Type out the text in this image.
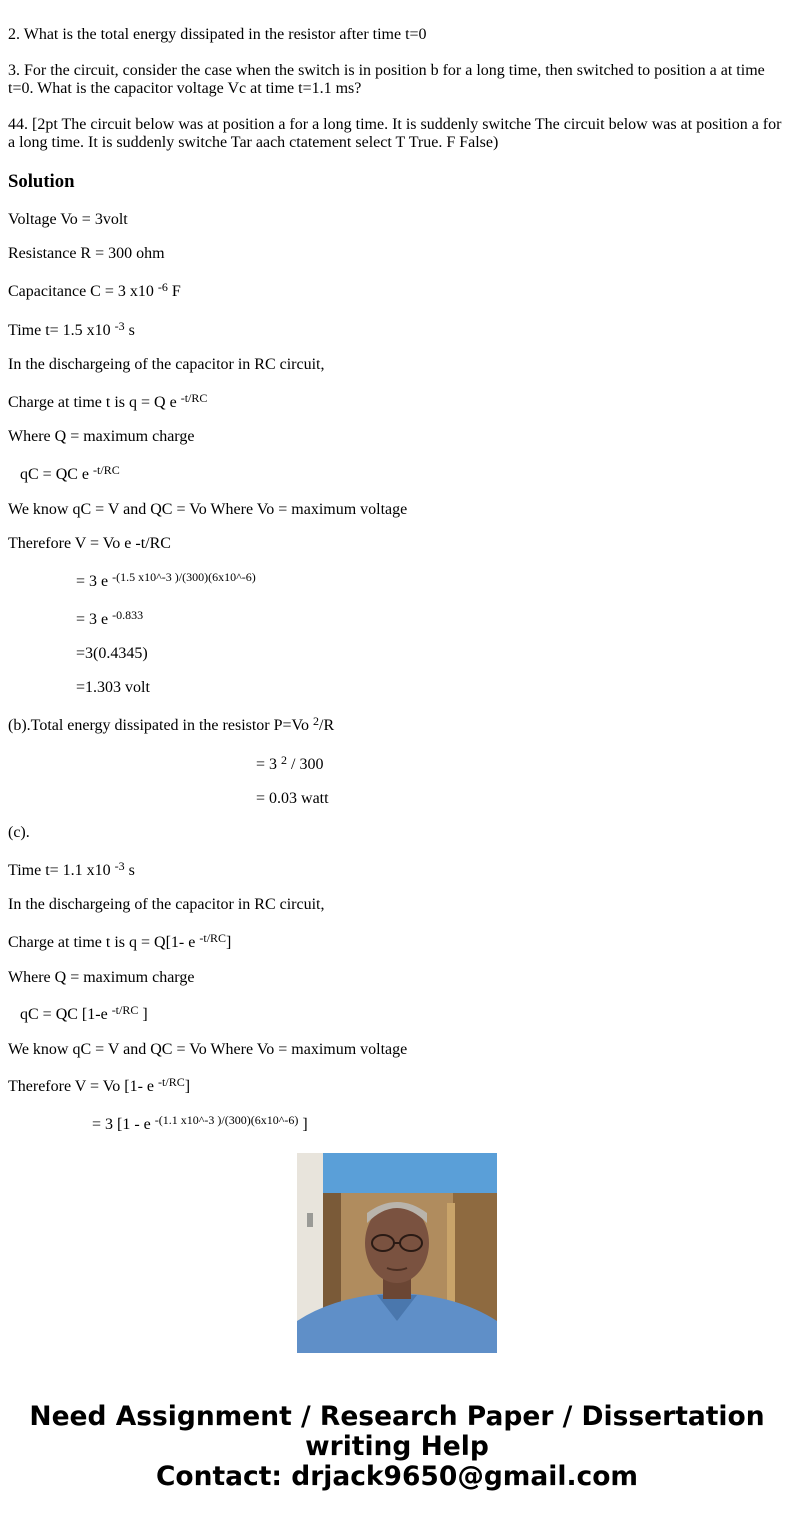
2. What is the total energy dissipated in the resistor after time t=0
3. For the circuit, consider the case when the switch is in position b for a long time, then switched to position a at time t=0. What is the capacitor voltage Vc at time t=1.1 ms?
44. [2pt The circuit below was at position a for a long time. It is suddenly switche The circuit below was at position a for a long time. It is suddenly switche Tar aach ctatement select T True. F False)
Solution
Voltage Vo = 3volt
Resistance R = 300 ohm
Capacitance C = 3 x10 $^{-6}$ F
Time t= 1.5 x10 $^{-3}$ s
In the dischargeing of the capacitor in RC circuit,
Charge at time t is q = Q e $^{-t/RC}$
Where Q = maximum charge
qC = QC e $^{-t/RC}$
We know qC = V and QC = Vo Where Vo = maximum voltage
Therefore V = Vo e -t/RC
= 3 e $^{-(1.5 x10\^{}-3 )/(300)(6x10\^{}-6)}$
= 3 e $^{-0.833}$
=3(0.4345)
=1.303 volt
(b).Total energy dissipated in the resistor P=Vo $^2$/R
= 3 $^2$ / 300
= 0.03 watt
(c).
Time t= 1.1 x10 $^{-3}$ s
In the dischargeing of the capacitor in RC circuit,
Charge at time t is q = Q[1- e $^{-t/RC}$]
Where Q = maximum charge
qC = QC [1-e $^{-t/RC}$ ]
We know qC = V and QC = Vo Where Vo = maximum voltage
Therefore V = Vo [1- e $^{-t/RC}$]
= 3 [1 - e $^{-(1.1 x10\^{}-3 )/(300)(6x10\^{}-6)}$ ]
Need Assignment / Research Paper / Dissertation
writing Help
Contact: drjack9650@gmail.com
